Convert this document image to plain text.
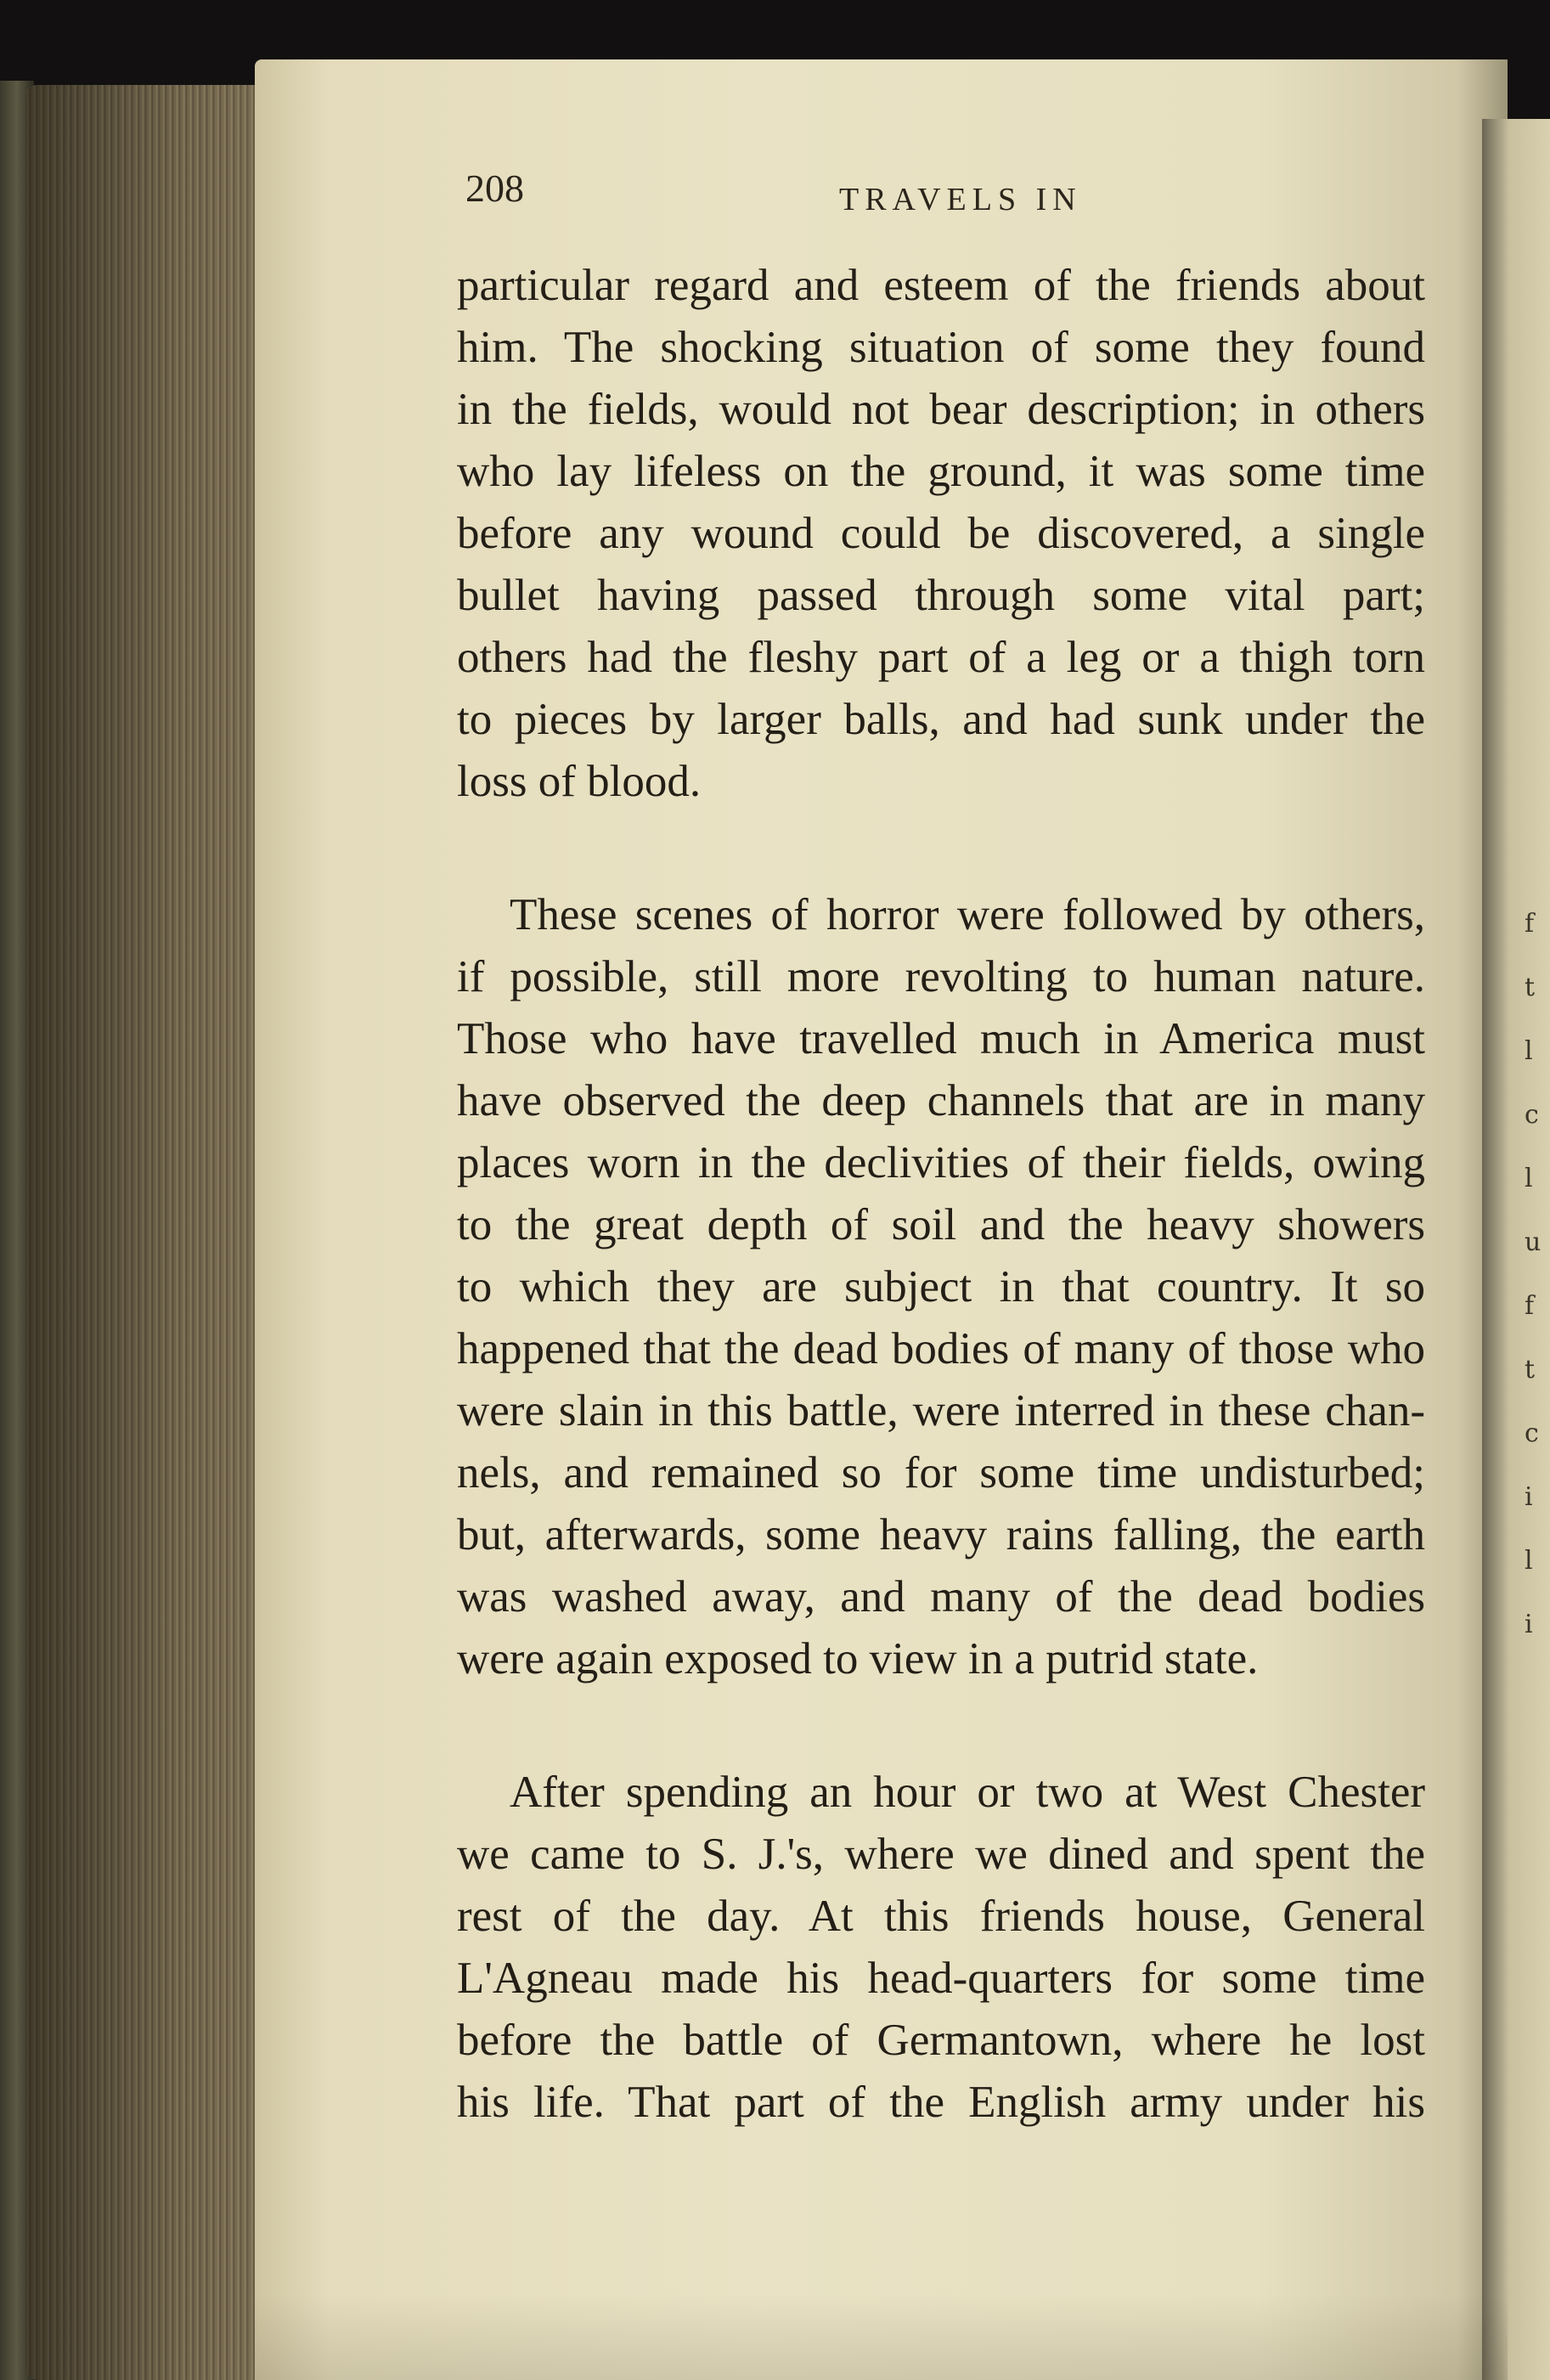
f
t
l
c
l
u
f
t
c
i
l
i
208	TRAVELS IN
particular regard and esteem of the friends about
him. The shocking situation of some they found
in the fields, would not bear description; in others
who lay lifeless on the ground, it was some time
before any wound could be discovered, a single
bullet having passed through some vital part;
others had the fleshy part of a leg or a thigh torn
to pieces by larger balls, and had sunk under the
loss of blood.
These scenes of horror were followed by others,
if possible, still more revolting to human nature.
Those who have travelled much in America must
have observed the deep channels that are in many
places worn in the declivities of their fields, owing
to the great depth of soil and the heavy showers
to which they are subject in that country. It so
happened that the dead bodies of many of those who
were slain in this battle, were interred in these chan-
nels, and remained so for some time undisturbed;
but, afterwards, some heavy rains falling, the earth
was washed away, and many of the dead bodies
were again exposed to view in a putrid state.
After spending an hour or two at West Chester
we came to S. J.'s, where we dined and spent the
rest of the day. At this friends house, General
L'Agneau made his head-quarters for some time
before the battle of Germantown, where he lost
his life. That part of the English army under his
